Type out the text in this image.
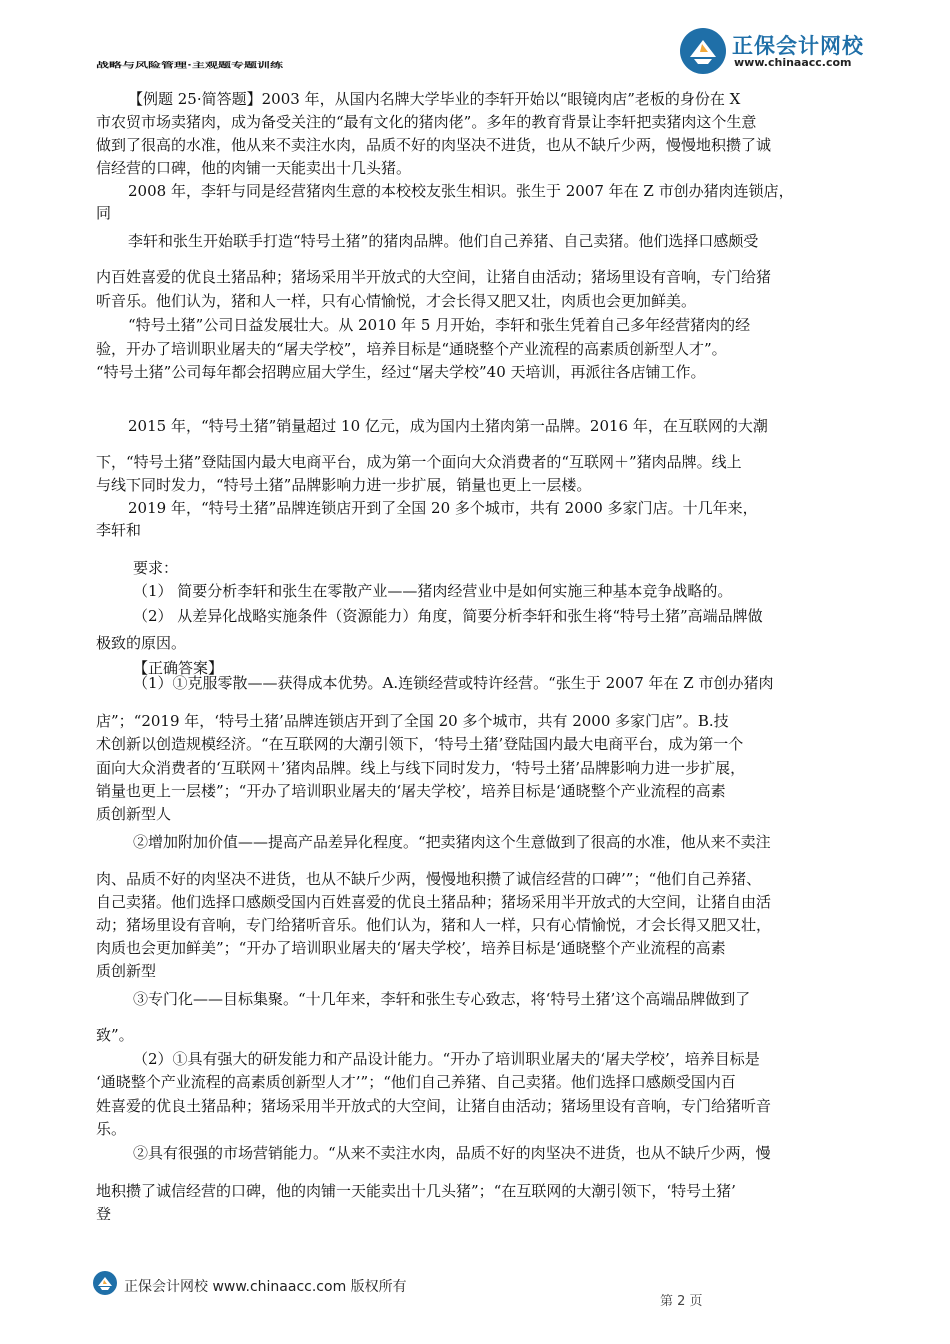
战略与风险管理·主观题专题训练
正保会计网校
www.chinaacc.com
【例题 25·简答题】2003 年，从国内名牌大学毕业的李轩开始以“眼镜肉店”老板的身份在 X
市农贸市场卖猪肉，成为备受关注的“最有文化的猪肉佬”。多年的教育背景让李轩把卖猪肉这个生意
做到了很高的水准，他从来不卖注水肉，品质不好的肉坚决不进货，也从不缺斤少两，慢慢地积攒了诚
信经营的口碑，他的肉铺一天能卖出十几头猪。
2008 年，李轩与同是经营猪肉生意的本校校友张生相识。张生于 2007 年在 Z 市创办猪肉连锁店，
同
李轩和张生开始联手打造“特号土猪”的猪肉品牌。他们自己养猪、自己卖猪。他们选择口感颇受
内百姓喜爱的优良土猪品种；猪场采用半开放式的大空间，让猪自由活动；猪场里设有音响，专门给猪
听音乐。他们认为，猪和人一样，只有心情愉悦，才会长得又肥又壮，肉质也会更加鲜美。
“特号土猪”公司日益发展壮大。从 2010 年 5 月开始，李轩和张生凭着自己多年经营猪肉的经
验，开办了培训职业屠夫的“屠夫学校”，培养目标是“通晓整个产业流程的高素质创新型人才”。
“特号土猪”公司每年都会招聘应届大学生，经过“屠夫学校”40 天培训，再派往各店铺工作。
2015 年，“特号土猪”销量超过 10 亿元，成为国内土猪肉第一品牌。2016 年，在互联网的大潮
下，“特号土猪”登陆国内最大电商平台，成为第一个面向大众消费者的“互联网＋”猪肉品牌。线上
与线下同时发力，“特号土猪”品牌影响力进一步扩展，销量也更上一层楼。
2019 年，“特号土猪”品牌连锁店开到了全国 20 多个城市，共有 2000 多家门店。十几年来，
李轩和
要求：
（1） 简要分析李轩和张生在零散产业——猪肉经营业中是如何实施三种基本竞争战略的。
（2） 从差异化战略实施条件（资源能力）角度，简要分析李轩和张生将“特号土猪”高端品牌做
极致的原因。
【正确答案】
（1）①克服零散——获得成本优势。A.连锁经营或特许经营。“张生于 2007 年在 Z 市创办猪肉
店”；“2019 年，‘特号土猪’品牌连锁店开到了全国 20 多个城市，共有 2000 多家门店”。B.技
术创新以创造规模经济。“在互联网的大潮引领下，‘特号土猪’登陆国内最大电商平台，成为第一个
面向大众消费者的‘互联网＋’猪肉品牌。线上与线下同时发力，‘特号土猪’品牌影响力进一步扩展，
销量也更上一层楼”；“开办了培训职业屠夫的‘屠夫学校’，培养目标是‘通晓整个产业流程的高素
质创新型人
②增加附加价值——提高产品差异化程度。“把卖猪肉这个生意做到了很高的水准，他从来不卖注
肉、品质不好的肉坚决不进货，也从不缺斤少两，慢慢地积攒了诚信经营的口碑’”；“他们自己养猪、
自己卖猪。他们选择口感颇受国内百姓喜爱的优良土猪品种；猪场采用半开放式的大空间，让猪自由活
动；猪场里设有音响，专门给猪听音乐。他们认为，猪和人一样，只有心情愉悦，才会长得又肥又壮，
肉质也会更加鲜美”；“开办了培训职业屠夫的‘屠夫学校’，培养目标是‘通晓整个产业流程的高素
质创新型
③专门化——目标集聚。“十几年来，李轩和张生专心致志，将‘特号土猪’这个高端品牌做到了
致”。
（2）①具有强大的研发能力和产品设计能力。“开办了培训职业屠夫的‘屠夫学校’，培养目标是
‘通晓整个产业流程的高素质创新型人才’”；“他们自己养猪、自己卖猪。他们选择口感颇受国内百
姓喜爱的优良土猪品种；猪场采用半开放式的大空间，让猪自由活动；猪场里设有音响，专门给猪听音
乐。
②具有很强的市场营销能力。“从来不卖注水肉，品质不好的肉坚决不进货，也从不缺斤少两，慢
地积攒了诚信经营的口碑，他的肉铺一天能卖出十几头猪”；“在互联网的大潮引领下，‘特号土猪’
登
正保会计网校 www.chinaacc.com 版权所有
第 2 页
